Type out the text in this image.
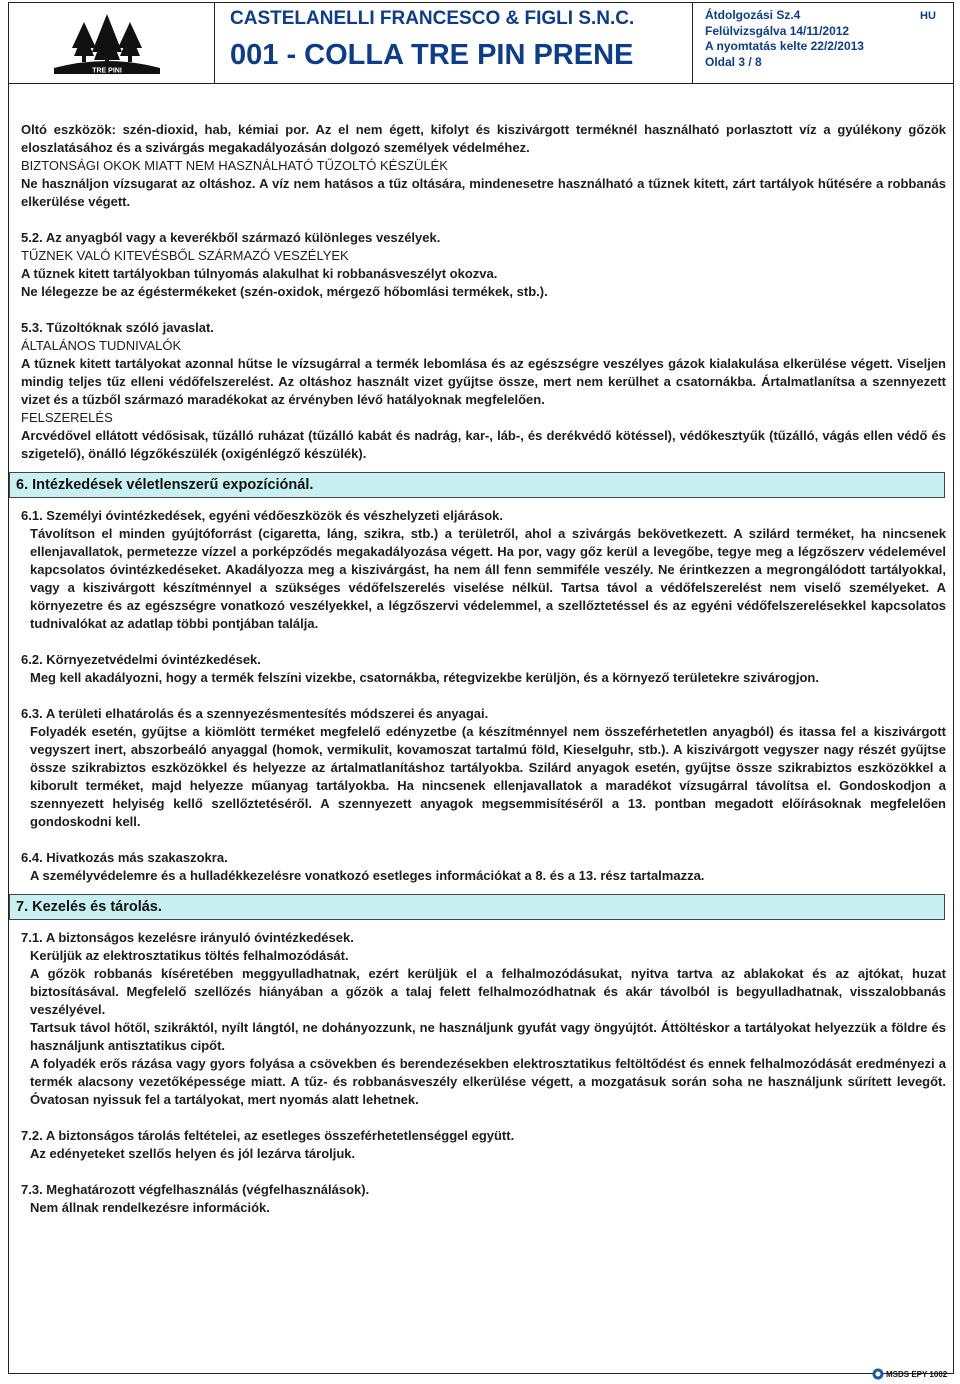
TRE PINI
CASTELANELLI FRANCESCO & FIGLI S.N.C.
001 - COLLA TRE PIN PRENE
Átdolgozási Sz.4
Felülvizsgálva 14/11/2012
A nyomtatás kelte 22/2/2013
Oldal 3 / 8
HU

Oltó eszközök: szén-dioxid, hab, kémiai por. Az el nem égett, kifolyt és kiszivárgott terméknél használható porlasztott víz a gyúlékony gőzök eloszlatásához és a szivárgás megakadályozásán dolgozó személyek védelméhez.

BIZTONSÁGI OKOK MIATT NEM HASZNÁLHATÓ TŰZOLTÓ KÉSZÜLÉK

Ne használjon vízsugarat az oltáshoz. A víz nem hatásos a tűz oltására, mindenesetre használható a tűznek kitett, zárt tartályok hűtésére a robbanás elkerülése végett.

5.2. Az anyagból vagy a keverékből származó különleges veszélyek.

TŰZNEK VALÓ KITEVÉSBŐL SZÁRMAZÓ VESZÉLYEK

A tűznek kitett tartályokban túlnyomás alakulhat ki robbanásveszélyt okozva.

Ne lélegezze be az égéstermékeket (szén-oxidok, mérgező hőbomlási termékek, stb.).

5.3. Tűzoltóknak szóló javaslat.

ÁLTALÁNOS TUDNIVALÓK

A tűznek kitett tartályokat azonnal hűtse le vízsugárral a termék lebomlása és az egészségre veszélyes gázok kialakulása elkerülése végett. Viseljen mindig teljes tűz elleni védőfelszerelést. Az oltáshoz használt vizet gyűjtse össze, mert nem kerülhet a csatornákba. Ártalmatlanítsa a szennyezett vizet és a tűzből származó maradékokat az érvényben lévő hatályoknak megfelelően.

FELSZERELÉS

Arcvédővel ellátott védősisak, tűzálló ruházat (tűzálló kabát és nadrág, kar-, láb-, és derékvédő kötéssel), védőkesztyűk (tűzálló, vágás ellen védő és szigetelő), önálló légzőkészülék (oxigénlégző készülék).

6. Intézkedések véletlenszerű expozíciónál.

6.1. Személyi óvintézkedések, egyéni védőeszközök és vészhelyzeti eljárások.

Távolítson el minden gyújtóforrást (cigaretta, láng, szikra, stb.) a területről, ahol a szivárgás bekövetkezett. A szilárd terméket, ha nincsenek ellenjavallatok, permetezze vízzel a porképződés megakadályozása végett. Ha por, vagy gőz kerül a levegőbe, tegye meg a légzőszerv védelemével kapcsolatos óvintézkedéseket. Akadályozza meg a kiszivárgást, ha nem áll fenn semmiféle veszély. Ne érintkezzen a megrongálódott tartályokkal, vagy a kiszivárgott készítménnyel a szükséges védőfelszerelés viselése nélkül. Tartsa távol a védőfelszerelést nem viselő személyeket. A környezetre és az egészségre vonatkozó veszélyekkel, a légzőszervi védelemmel, a szellőztetéssel és az egyéni védőfelszerelésekkel kapcsolatos tudnivalókat az adatlap többi pontjában találja.

6.2. Környezetvédelmi óvintézkedések.

Meg kell akadályozni, hogy a termék felszíni vizekbe, csatornákba, rétegvizekbe kerüljön, és a környező területekre szivárogjon.

6.3. A területi elhatárolás és a szennyezésmentesítés módszerei és anyagai.

Folyadék esetén, gyűjtse a kiömlött terméket megfelelő edényzetbe (a készítménnyel nem összeférhetetlen anyagból) és itassa fel a kiszivárgott vegyszert inert, abszorbeáló anyaggal (homok, vermikulit, kovamoszat tartalmú föld, Kieselguhr, stb.). A kiszivárgott vegyszer nagy részét gyűjtse össze szikrabiztos eszközökkel és helyezze az ártalmatlanításhoz tartályokba. Szilárd anyagok esetén, gyűjtse össze szikrabiztos eszközökkel a kiborult terméket, majd helyezze műanyag tartályokba. Ha nincsenek ellenjavallatok a maradékot vízsugárral távolítsa el. Gondoskodjon a szennyezett helyiség kellő szellőztetéséről. A szennyezett anyagok megsemmisítéséről a 13. pontban megadott előírásoknak megfelelően gondoskodni kell.

6.4. Hivatkozás más szakaszokra.

A személyvédelemre és a hulladékkezelésre vonatkozó esetleges információkat a 8. és a 13. rész tartalmazza.

7. Kezelés és tárolás.

7.1. A biztonságos kezelésre irányuló óvintézkedések.

Kerüljük az elektrosztatikus töltés felhalmozódását.

A gőzök robbanás kíséretében meggyulladhatnak, ezért kerüljük el a felhalmozódásukat, nyitva tartva az ablakokat és az ajtókat, huzat biztosításával. Megfelelő szellőzés hiányában a gőzök a talaj felett felhalmozódhatnak és akár távolból is begyulladhatnak, visszalobbanás veszélyével.

Tartsuk távol hőtől, szikráktól, nyílt lángtól, ne dohányozzunk, ne használjunk gyufát vagy öngyújtót. Áttöltéskor a tartályokat helyezzük a földre és használjunk antisztatikus cipőt.

A folyadék erős rázása vagy gyors folyása a csövekben és berendezésekben elektrosztatikus feltöltődést és ennek felhalmozódását eredményezi a termék alacsony vezetőképessége miatt. A tűz- és robbanásveszély elkerülése végett, a mozgatásuk során soha ne használjunk sűrített levegőt. Óvatosan nyissuk fel a tartályokat, mert nyomás alatt lehetnek.

7.2. A biztonságos tárolás feltételei, az esetleges összeférhetetlenséggel együtt.

Az edényeteket szellős helyen és jól lezárva tároljuk.

7.3. Meghatározott végfelhasználás (végfelhasználások).

Nem állnak rendelkezésre információk.

MSDS EPY 1002
